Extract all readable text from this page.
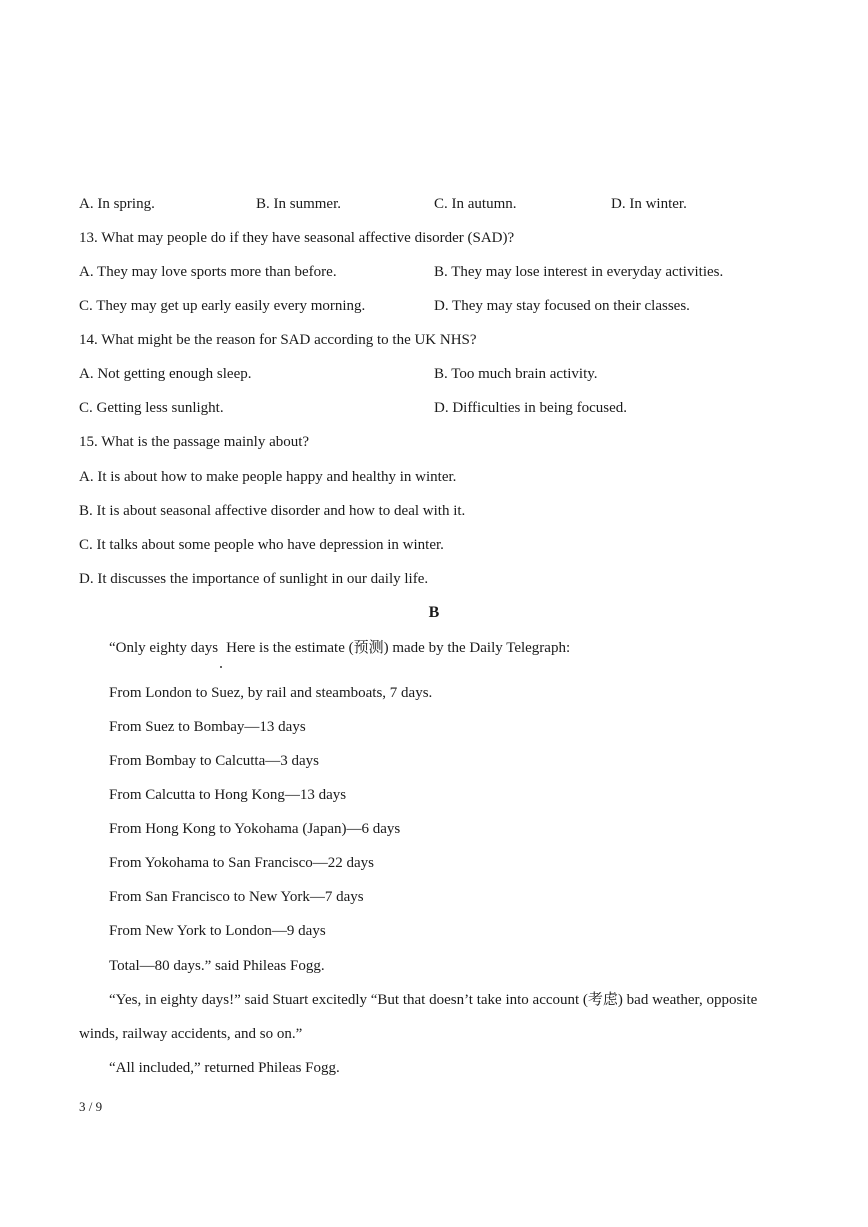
A. In spring.	B. In summer.	C. In autumn.	D. In winter.
13. What may people do if they have seasonal affective disorder (SAD)?
A. They may love sports more than before.	B. They may lose interest in everyday activities.
C. They may get up early easily every morning.	D. They may stay focused on their classes.
14. What might be the reason for SAD according to the UK NHS?
A. Not getting enough sleep.	B. Too much brain activity.
C. Getting less sunlight.	D. Difficulties in being focused.
15. What is the passage mainly about?
A. It is about how to make people happy and healthy in winter.
B. It is about seasonal affective disorder and how to deal with it.
C. It talks about some people who have depression in winter.
D. It discusses the importance of sunlight in our daily life.
B
“Only eighty days Here is the estimate (预测) made by the Daily Telegraph:
From London to Suez, by rail and steamboats, 7 days.
From Suez to Bombay—13 days
From Bombay to Calcutta—3 days
From Calcutta to Hong Kong—13 days
From Hong Kong to Yokohama (Japan)—6 days
From Yokohama to San Francisco—22 days
From San Francisco to New York—7 days
From New York to London—9 days
Total—80 days.” said Phileas Fogg.
“Yes, in eighty days!” said Stuart excitedly “But that doesn’t take into account (考虑) bad weather, opposite
winds, railway accidents, and so on.”
“All included,” returned Phileas Fogg.
3 / 9
